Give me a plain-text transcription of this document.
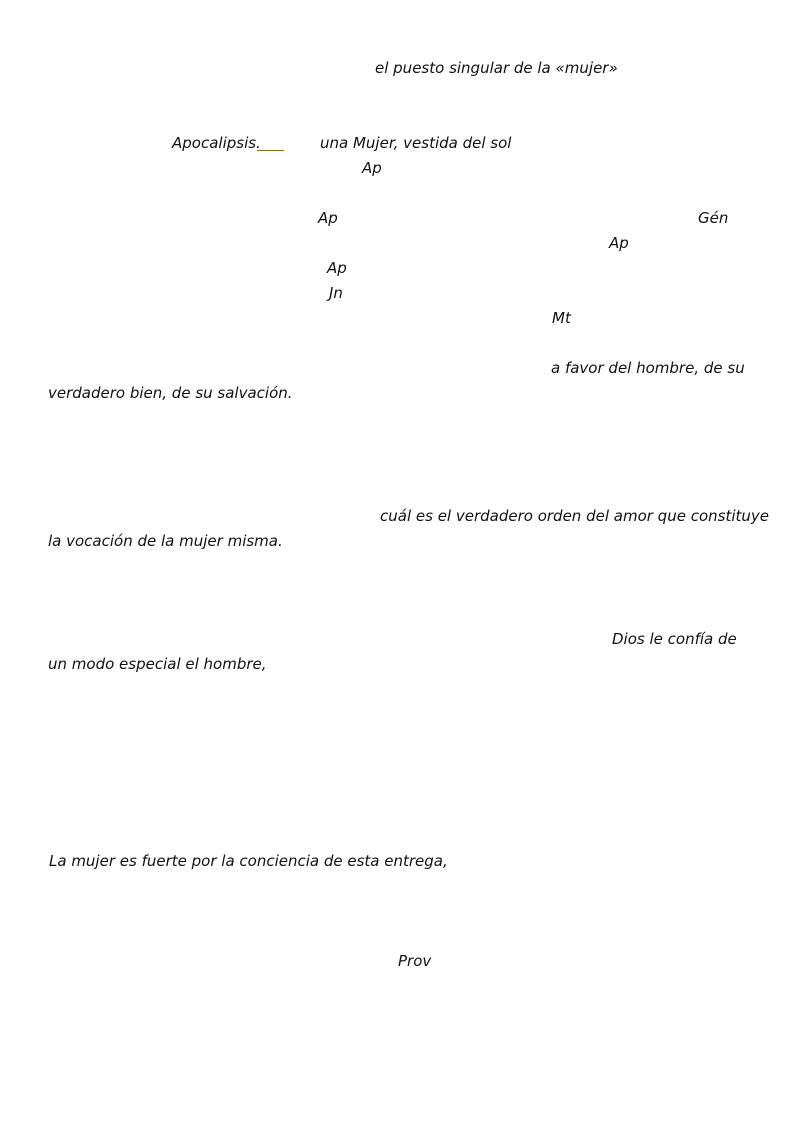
el puesto singular de la «mujer»
Apocalipsis.	una Mujer, vestida del sol
Ap
Ap	Gén
Ap
Ap
Jn
Mt
a favor del hombre, de su
verdadero bien, de su salvación.
cuál es el verdadero orden del amor que constituye
la vocación de la mujer misma.
Dios le confía de
un modo especial el hombre,
La mujer es fuerte por la conciencia de esta entrega,
Prov
